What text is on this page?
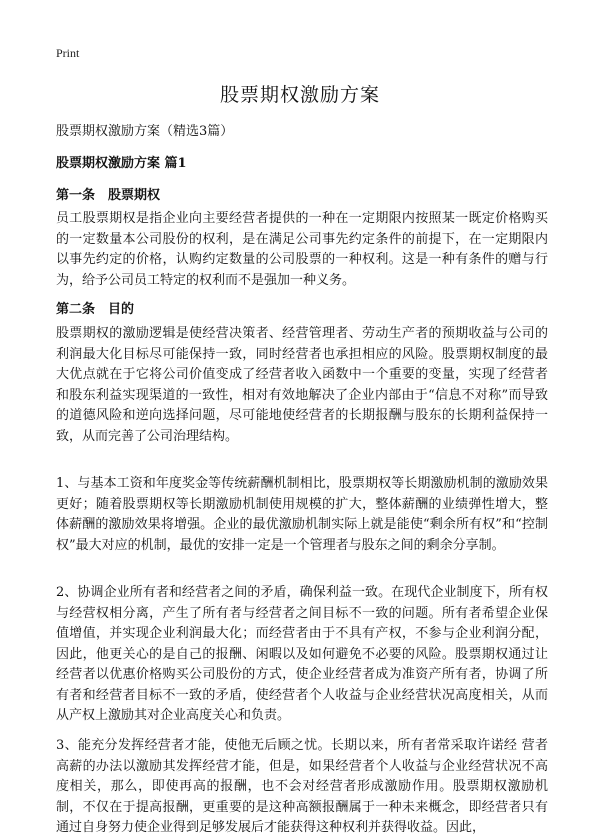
Print
股票期权激励方案
股票期权激励方案（精选3篇）
股票期权激励方案 篇1
第一条　股票期权
员工股票期权是指企业向主要经营者提供的一种在一定期限内按照某一既定价格购买的一定数量本公司股份的权利，是在满足公司事先约定条件的前提下，在一定期限内以事先约定的价格，认购约定数量的公司股票的一种权利。这是一种有条件的赠与行为，给予公司员工特定的权利而不是强加一种义务。
第二条　目的
股票期权的激励逻辑是使经营决策者、经营管理者、劳动生产者的预期收益与公司的利润最大化目标尽可能保持一致，同时经营者也承担相应的风险。股票期权制度的最大优点就在于它将公司价值变成了经营者收入函数中一个重要的变量，实现了经营者和股东利益实现渠道的一致性，相对有效地解决了企业内部由于“信息不对称”而导致的道德风险和逆向选择问题，尽可能地使经营者的长期报酬与股东的长期利益保持一致，从而完善了公司治理结构。
1、与基本工资和年度奖金等传统薪酬机制相比，股票期权等长期激励机制的激励效果更好；随着股票期权等长期激励机制使用规模的扩大，整体薪酬的业绩弹性增大，整体薪酬的激励效果将增强。企业的最优激励机制实际上就是能使“剩余所有权”和“控制权”最大对应的机制，最优的安排一定是一个管理者与股东之间的剩余分享制。
2、协调企业所有者和经营者之间的矛盾，确保利益一致。在现代企业制度下，所有权与经营权相分离，产生了所有者与经营者之间目标不一致的问题。所有者希望企业保值增值，并实现企业利润最大化；而经营者由于不具有产权，不参与企业利润分配，因此，他更关心的是自己的报酬、闲暇以及如何避免不必要的风险。股票期权通过让经营者以优惠价格购买公司股份的方式，使企业经营者成为准资产所有者，协调了所有者和经营者目标不一致的矛盾，使经营者个人收益与企业经营状况高度相关，从而从产权上激励其对企业高度关心和负责。
3、能充分发挥经营者才能，使他无后顾之忧。长期以来，所有者常采取许诺经 营者高薪的办法以激励其发挥经营才能，但是，如果经营者个人收益与企业经营状况不高度相关，那么，即使再高的报酬，也不会对经营者形成激励作用。股票期权激励机制，不仅在于提高报酬，更重要的是这种高额报酬属于一种未来概念，即经营者只有通过自身努力使企业得到足够发展后才能获得这种权利并获得收益。因此，
